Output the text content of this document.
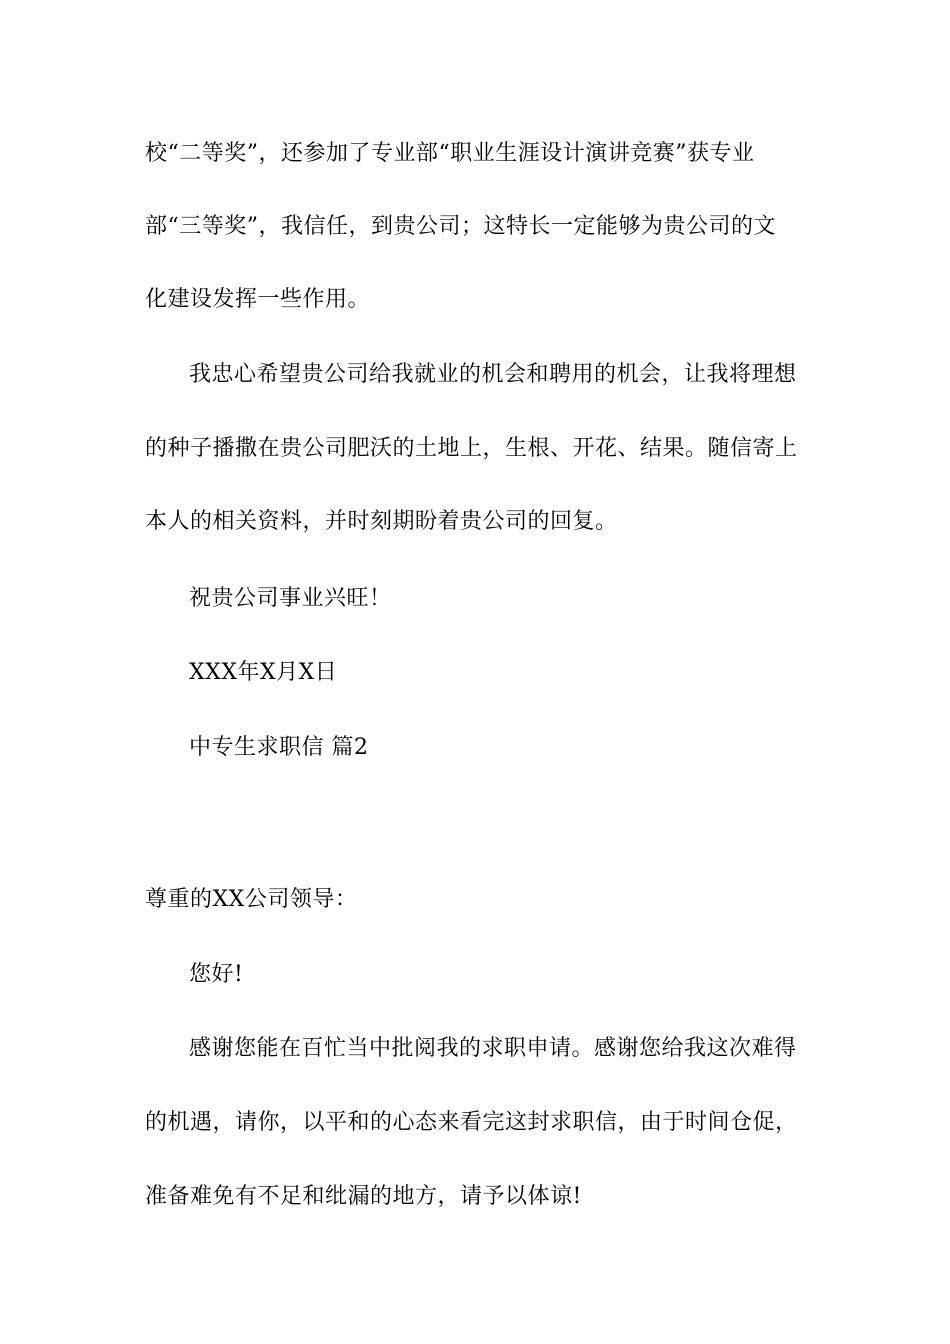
校“二等奖”，还参加了专业部“职业生涯设计演讲竞赛”获专业
部“三等奖”，我信任，到贵公司；这特长一定能够为贵公司的文
化建设发挥一些作用。
我忠心希望贵公司给我就业的机会和聘用的机会，让我将理想
的种子播撒在贵公司肥沃的土地上，生根、开花、结果。随信寄上
本人的相关资料，并时刻期盼着贵公司的回复。
祝贵公司事业兴旺！
XXX年X月X日
中专生求职信 篇2
尊重的XX公司领导：
您好!
感谢您能在百忙当中批阅我的求职申请。感谢您给我这次难得
的机遇，请你，以平和的心态来看完这封求职信，由于时间仓促，
准备难免有不足和纰漏的地方，请予以体谅!
